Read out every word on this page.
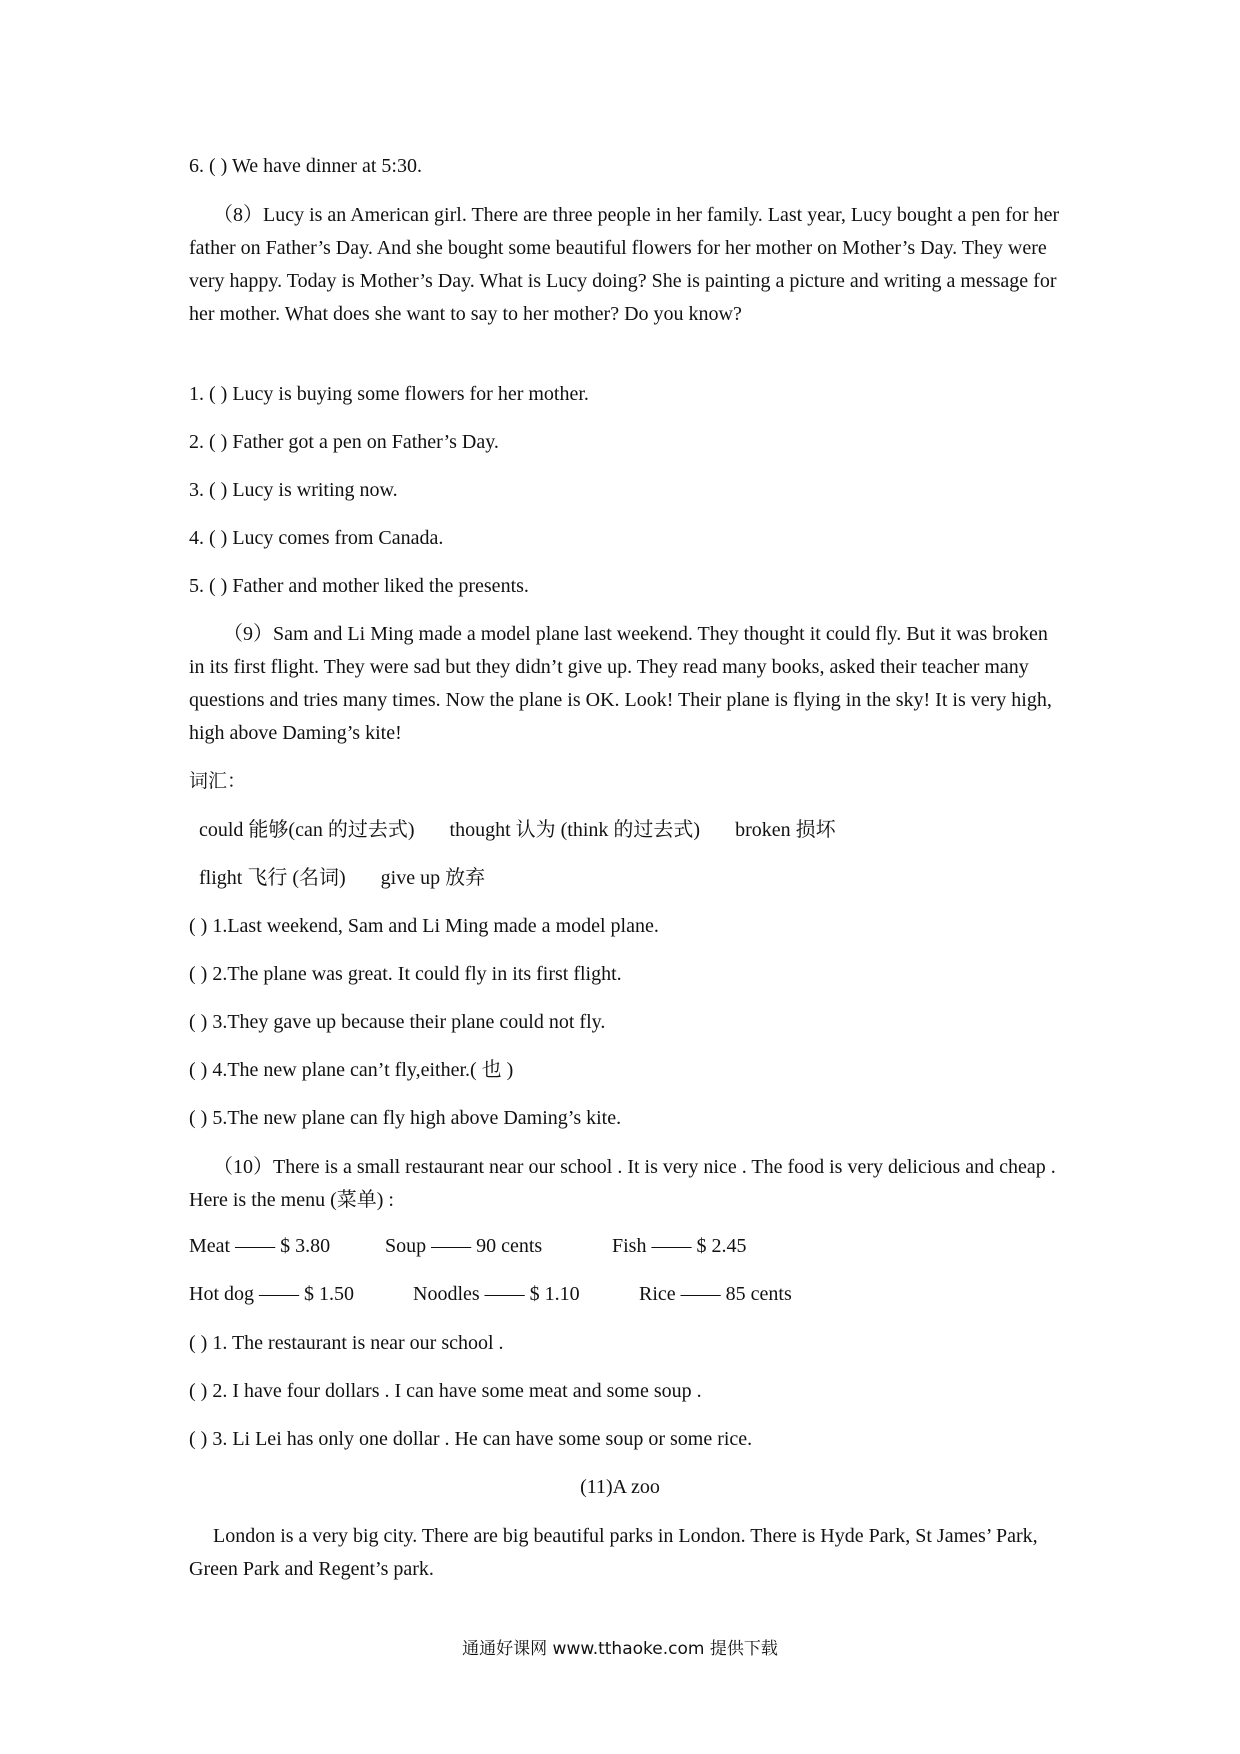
6. ( ) We have dinner at 5:30.
（8）Lucy is an American girl. There are three people in her family. Last year, Lucy bought a pen for her father on Father’s Day. And she bought some beautiful flowers for her mother on Mother’s Day. They were very happy. Today is Mother’s Day. What is Lucy doing? She is painting a picture and writing a message for her mother. What does she want to say to her mother? Do you know?
1. ( ) Lucy is buying some flowers for her mother.
2. ( ) Father got a pen on Father’s Day.
3. ( ) Lucy is writing now.
4. ( ) Lucy comes from Canada.
5. ( ) Father and mother liked the presents.
（9）Sam and Li Ming made a model plane last weekend. They thought it could fly. But it was broken in its first flight. They were sad but they didn’t give up. They read many books, asked their teacher many questions and tries many times. Now the plane is OK. Look! Their plane is flying in the sky! It is very high, high above Daming’s kite!
词汇：
could 能够(can 的过去式) thought 认为 (think 的过去式) broken 损坏
flight 飞行 (名词) give up 放弃
( ) 1.Last weekend, Sam and Li Ming made a model plane.
( ) 2.The plane was great. It could fly in its first flight.
( ) 3.They gave up because their plane could not fly.
( ) 4.The new plane can’t fly,either.( 也 )
( ) 5.The new plane can fly high above Daming’s kite.
（10）There is a small restaurant near our school . It is very nice . The food is very delicious and cheap . Here is the menu (菜单) :
Meat —— $ 3.80	Soup —— 90 cents	Fish —— $ 2.45
Hot dog —— $ 1.50	Noodles —— $ 1.10	Rice —— 85 cents
( ) 1. The restaurant is near our school .
( ) 2. I have four dollars . I can have some meat and some soup .
( ) 3. Li Lei has only one dollar . He can have some soup or some rice.
(11)A zoo
London is a very big city. There are big beautiful parks in London. There is Hyde Park, St James’ Park, Green Park and Regent’s park.
通通好课网 www.tthaoke.com 提供下载
